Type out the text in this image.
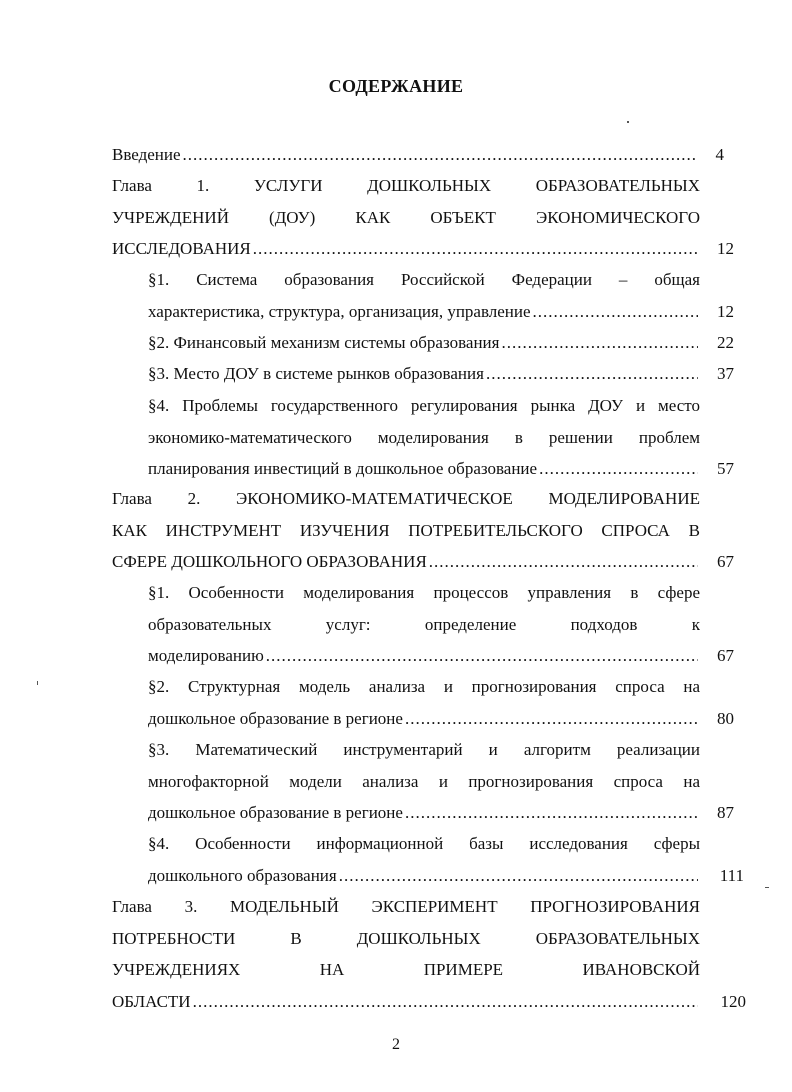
СОДЕРЖАНИЕ
Введение .....	4
Глава 1. УСЛУГИ ДОШКОЛЬНЫХ ОБРАЗОВАТЕЛЬНЫХ
УЧРЕЖДЕНИЙ (ДОУ) КАК ОБЪЕКТ ЭКОНОМИЧЕСКОГО
ИССЛЕДОВАНИЯ .....	12
§1. Система образования Российской Федерации – общая
характеристика, структура, организация, управление .....	12
§2. Финансовый механизм системы образования .....	22
§3. Место ДОУ в системе рынков образования .....	37
§4. Проблемы государственного регулирования рынка ДОУ и место
экономико-математического моделирования в решении проблем
планирования инвестиций в дошкольное образование .....	57
Глава 2. ЭКОНОМИКО-МАТЕМАТИЧЕСКОЕ МОДЕЛИРОВАНИЕ
КАК ИНСТРУМЕНТ ИЗУЧЕНИЯ ПОТРЕБИТЕЛЬСКОГО СПРОСА В
СФЕРЕ ДОШКОЛЬНОГО ОБРАЗОВАНИЯ .....	67
§1. Особенности моделирования процессов управления в сфере
образовательных услуг: определение подходов к
моделированию .....	67
§2. Структурная модель анализа и прогнозирования спроса на
дошкольное образование в регионе .....	80
§3. Математический инструментарий и алгоритм реализации
многофакторной модели анализа и прогнозирования спроса на
дошкольное образование в регионе .....	87
§4. Особенности информационной базы исследования сферы
дошкольного образования .....	111
Глава 3. МОДЕЛЬНЫЙ ЭКСПЕРИМЕНТ ПРОГНОЗИРОВАНИЯ
ПОТРЕБНОСТИ В ДОШКОЛЬНЫХ ОБРАЗОВАТЕЛЬНЫХ
УЧРЕЖДЕНИЯХ НА ПРИМЕРЕ ИВАНОВСКОЙ
ОБЛАСТИ .....	120
2
